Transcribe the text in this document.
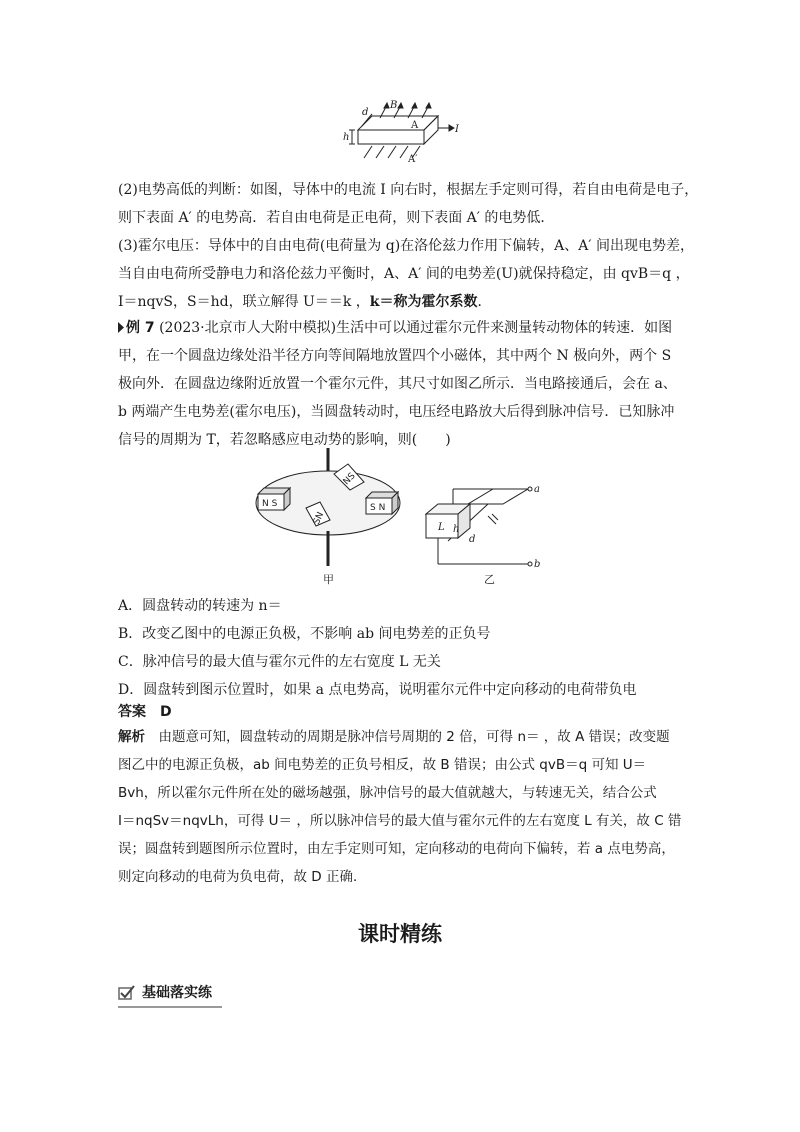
d
B
A	I
h
A′
(2)电势高低的判断：如图，导体中的电流 I 向右时，根据左手定则可得，若自由电荷是电子，
则下表面 A′ 的电势高．若自由电荷是正电荷，则下表面 A′ 的电势低．
(3)霍尔电压：导体中的自由电荷(电荷量为 q)在洛伦兹力作用下偏转，A、A′ 间出现电势差，
当自由电荷所受静电力和洛伦兹力平衡时，A、A′ 间的电势差(U)就保持稳定，由 qvB＝q ，
I＝nqvS，S＝hd，联立解得 U＝＝k ，k＝称为霍尔系数．
例 7 (2023·北京市人大附中模拟)生活中可以通过霍尔元件来测量转动物体的转速．如图
甲，在一个圆盘边缘处沿半径方向等间隔地放置四个小磁体，其中两个 N 极向外，两个 S
极向外．在圆盘边缘附近放置一个霍尔元件，其尺寸如图乙所示．当电路接通后，会在 a、
b 两端产生电势差(霍尔电压)，当圆盘转动时，电压经电路放大后得到脉冲信号．已知脉冲
信号的周期为 T，若忽略感应电动势的影响，则(　　)
N S
NS
SN
S N
a
b
L h
d
甲	乙
A．圆盘转动的转速为 n＝
B．改变乙图中的电源正负极，不影响 ab 间电势差的正负号
C．脉冲信号的最大值与霍尔元件的左右宽度 L 无关
D．圆盘转到图示位置时，如果 a 点电势高，说明霍尔元件中定向移动的电荷带负电
答案　 D
解析　 由题意可知，圆盘转动的周期是脉冲信号周期的 2 倍，可得 n＝ ，故 A 错误；改变题
图乙中的电源正负极，ab 间电势差的正负号相反，故 B 错误；由公式 qvB＝q 可知 U＝
Bvh，所以霍尔元件所在处的磁场越强，脉冲信号的最大值就越大，与转速无关，结合公式
I＝nqSv＝nqvLh，可得 U＝ ，所以脉冲信号的最大值与霍尔元件的左右宽度 L 有关，故 C 错
误；圆盘转到题图所示位置时，由左手定则可知，定向移动的电荷向下偏转，若 a 点电势高，
则定向移动的电荷为负电荷，故 D 正确．
课时精练
基础落实练
